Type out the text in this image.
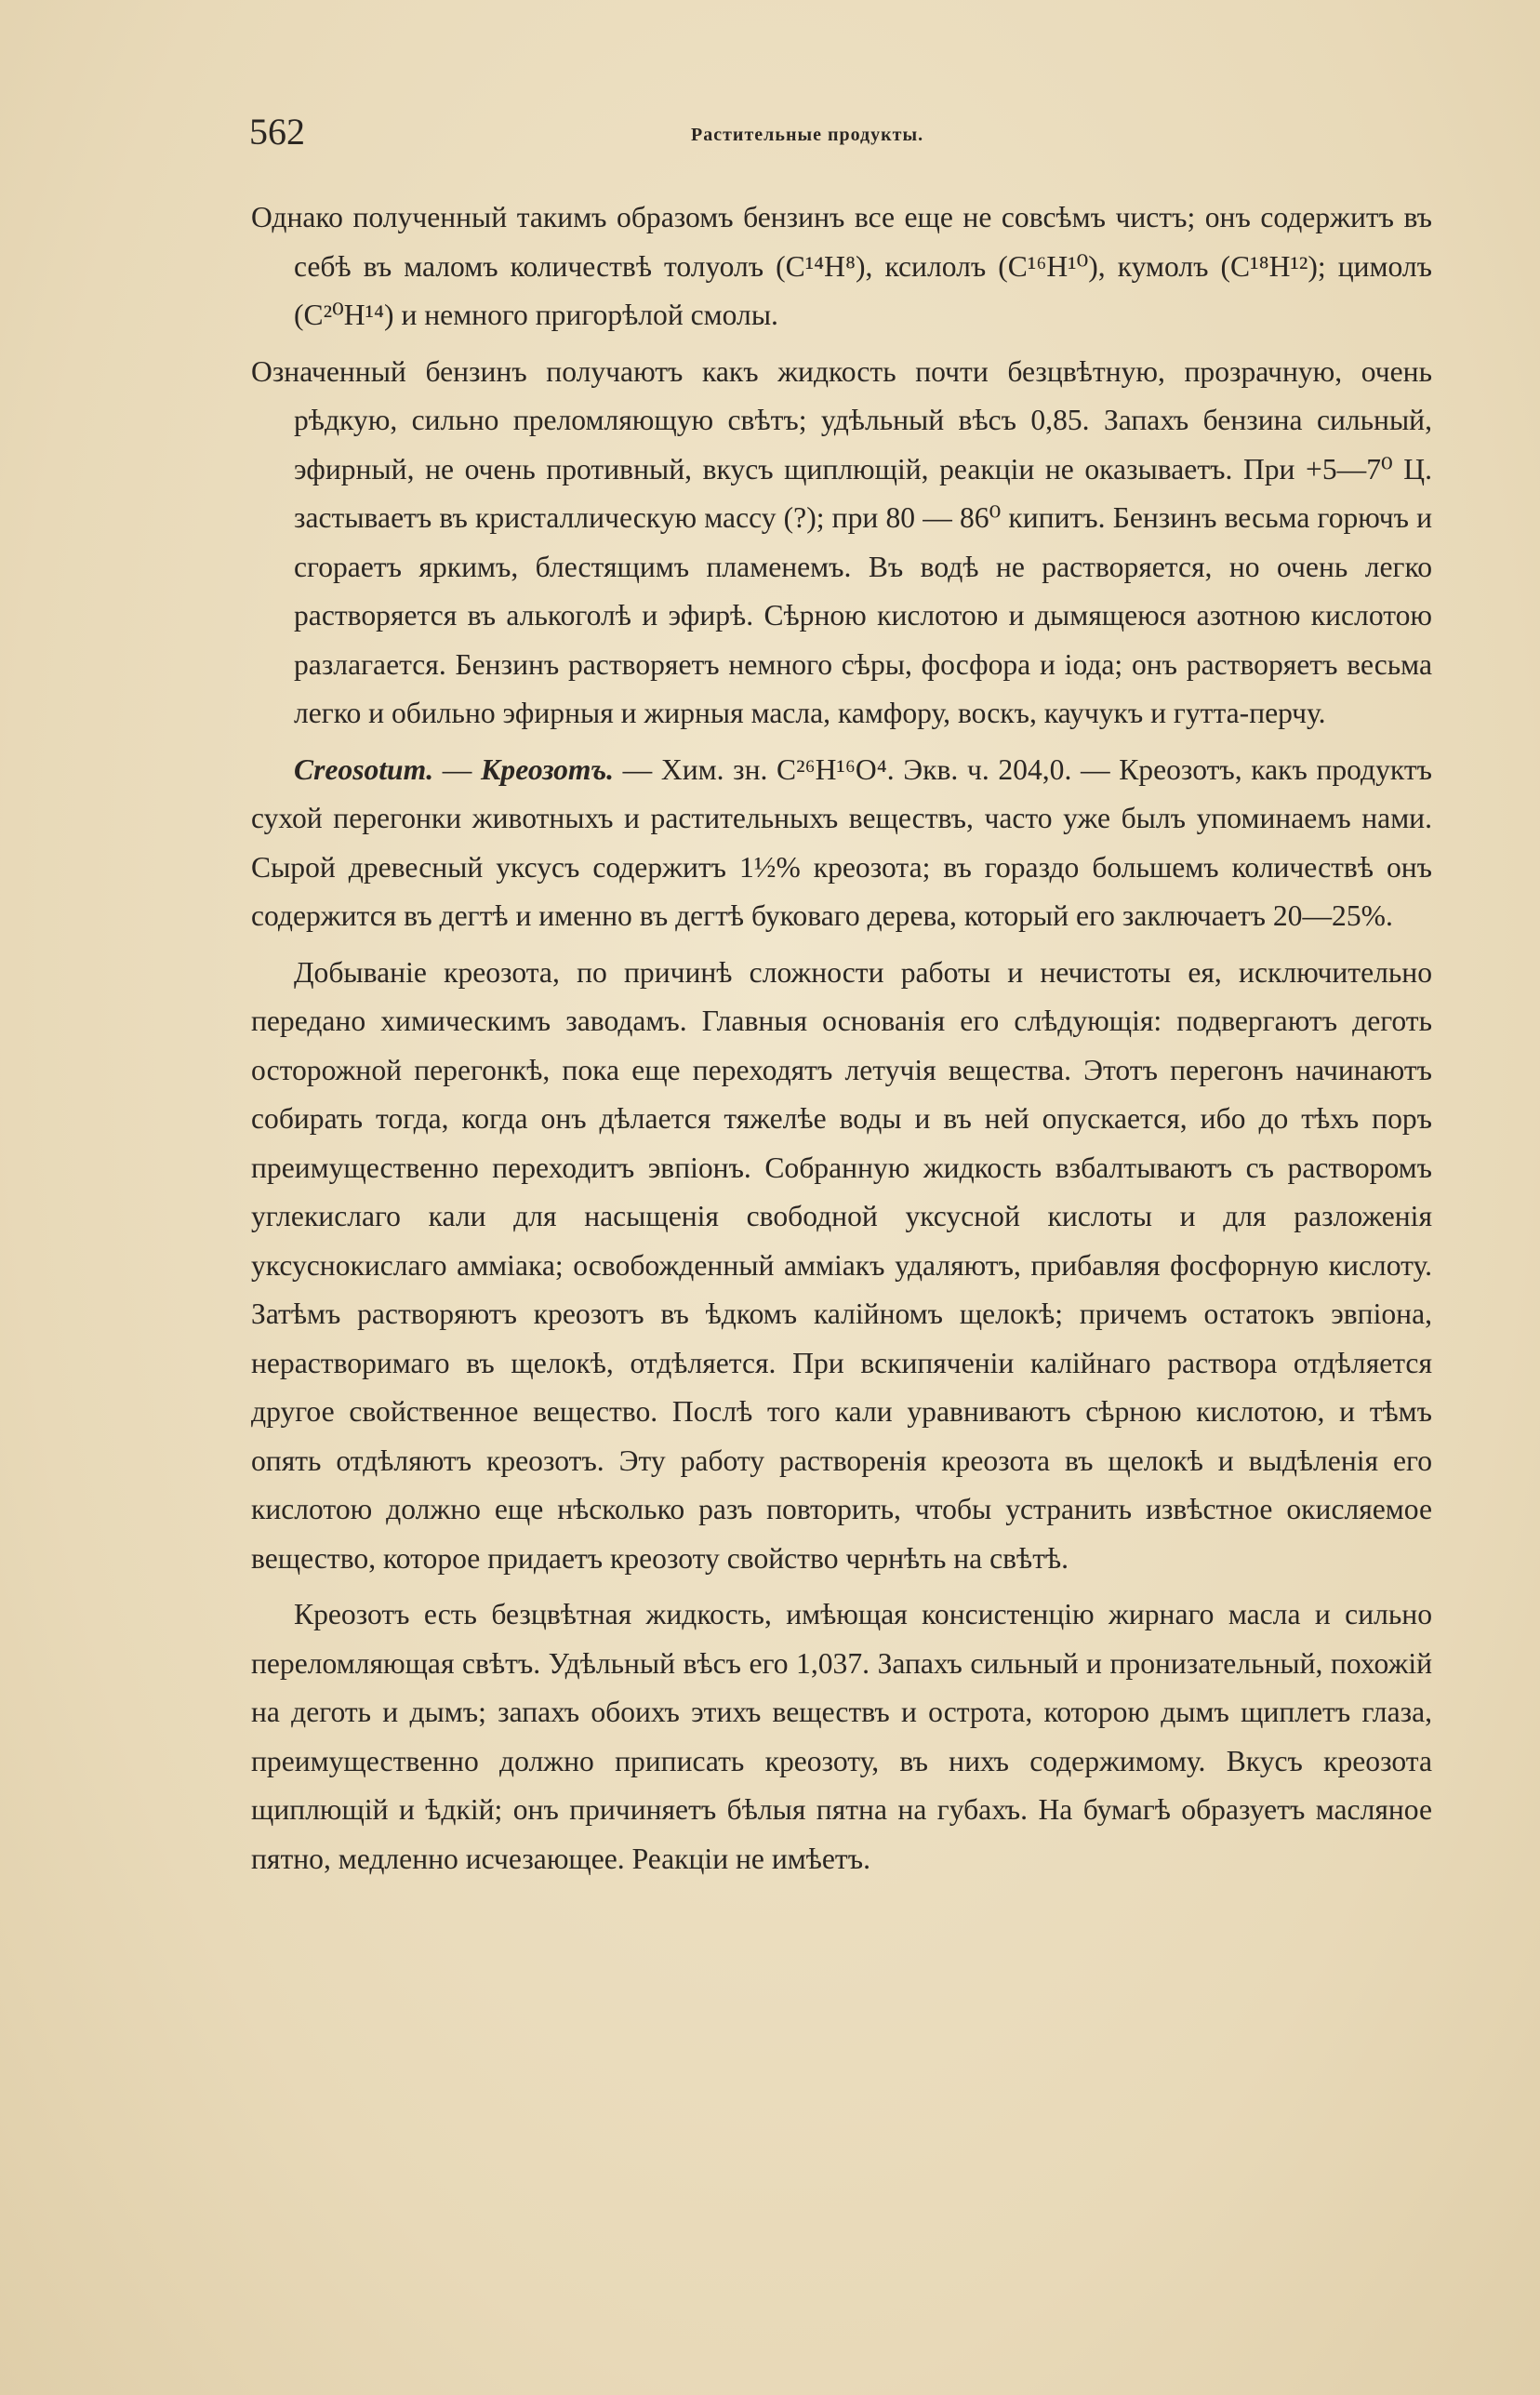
562	Растительные продукты.

Однако полученный такимъ образомъ бензинъ все еще не совсѣмъ чистъ; онъ содержитъ въ себѣ въ маломъ количествѣ толуолъ (C¹⁴H⁸), ксилолъ (C¹⁶H¹⁰), кумолъ (C¹⁸H¹²); цимолъ (C²⁰H¹⁴) и немного пригорѣлой смолы.

Означенный бензинъ получаютъ какъ жидкость почти безцвѣтную, прозрачную, очень рѣдкую, сильно преломляющую свѣтъ; удѣльный вѣсъ 0,85. Запахъ бензина сильный, эфирный, не очень противный, вкусъ щиплющій, реакціи не оказываетъ. При +5—7⁰ Ц. застываетъ въ кристаллическую массу (?); при 80 — 86⁰ кипитъ. Бензинъ весьма горючъ и сгораетъ яркимъ, блестящимъ пламенемъ. Въ водѣ не растворяется, но очень легко растворяется въ алькоголѣ и эфирѣ. Сѣрною кислотою и дымящеюся азотною кислотою разлагается. Бензинъ растворяетъ немного сѣры, фосфора и іода; онъ растворяетъ весьма легко и обильно эфирныя и жирныя масла, камфору, воскъ, каучукъ и гутта-перчу.

Creosotum. — Креозотъ. — Хим. зн. C²⁶H¹⁶O⁴. Экв. ч. 204,0. — Креозотъ, какъ продуктъ сухой перегонки животныхъ и растительныхъ веществъ, часто уже былъ упоминаемъ нами. Сырой древесный уксусъ содержитъ 1½% креозота; въ гораздо большемъ количествѣ онъ содержится въ дегтѣ и именно въ дегтѣ буковаго дерева, который его заключаетъ 20—25%.

Добываніе креозота, по причинѣ сложности работы и нечистоты ея, исключительно передано химическимъ заводамъ. Главныя основанія его слѣдующія: подвергаютъ деготь осторожной перегонкѣ, пока еще переходятъ летучія вещества. Этотъ перегонъ начинаютъ собирать тогда, когда онъ дѣлается тяжелѣе воды и въ ней опускается, ибо до тѣхъ поръ преимущественно переходитъ эвпіонъ. Собранную жидкость взбалтываютъ съ растворомъ углекислаго кали для насыщенія свободной уксусной кислоты и для разложенія уксуснокислаго амміака; освобожденный амміакъ удаляютъ, прибавляя фосфорную кислоту. Затѣмъ растворяютъ креозотъ въ ѣдкомъ калійномъ щелокѣ; причемъ остатокъ эвпіона, нерастворимаго въ щелокѣ, отдѣляется. При вскипяченіи калійнаго раствора отдѣляется другое свойственное вещество. Послѣ того кали уравниваютъ сѣрною кислотою, и тѣмъ опять отдѣляютъ креозотъ. Эту работу растворенія креозота въ щелокѣ и выдѣленія его кислотою должно еще нѣсколько разъ повторить, чтобы устранить извѣстное окисляемое вещество, которое придаетъ креозоту свойство чернѣть на свѣтѣ.

Креозотъ есть безцвѣтная жидкость, имѣющая консистенцію жирнаго масла и сильно переломляющая свѣтъ. Удѣльный вѣсъ его 1,037. Запахъ сильный и пронизательный, похожій на деготь и дымъ; запахъ обоихъ этихъ веществъ и острота, которою дымъ щиплетъ глаза, преимущественно должно приписать креозоту, въ нихъ содержимому. Вкусъ креозота щиплющій и ѣдкій; онъ причиняетъ бѣлыя пятна на губахъ. На бумагѣ образуетъ масляное пятно, медленно исчезающее. Реакціи не имѣетъ.
